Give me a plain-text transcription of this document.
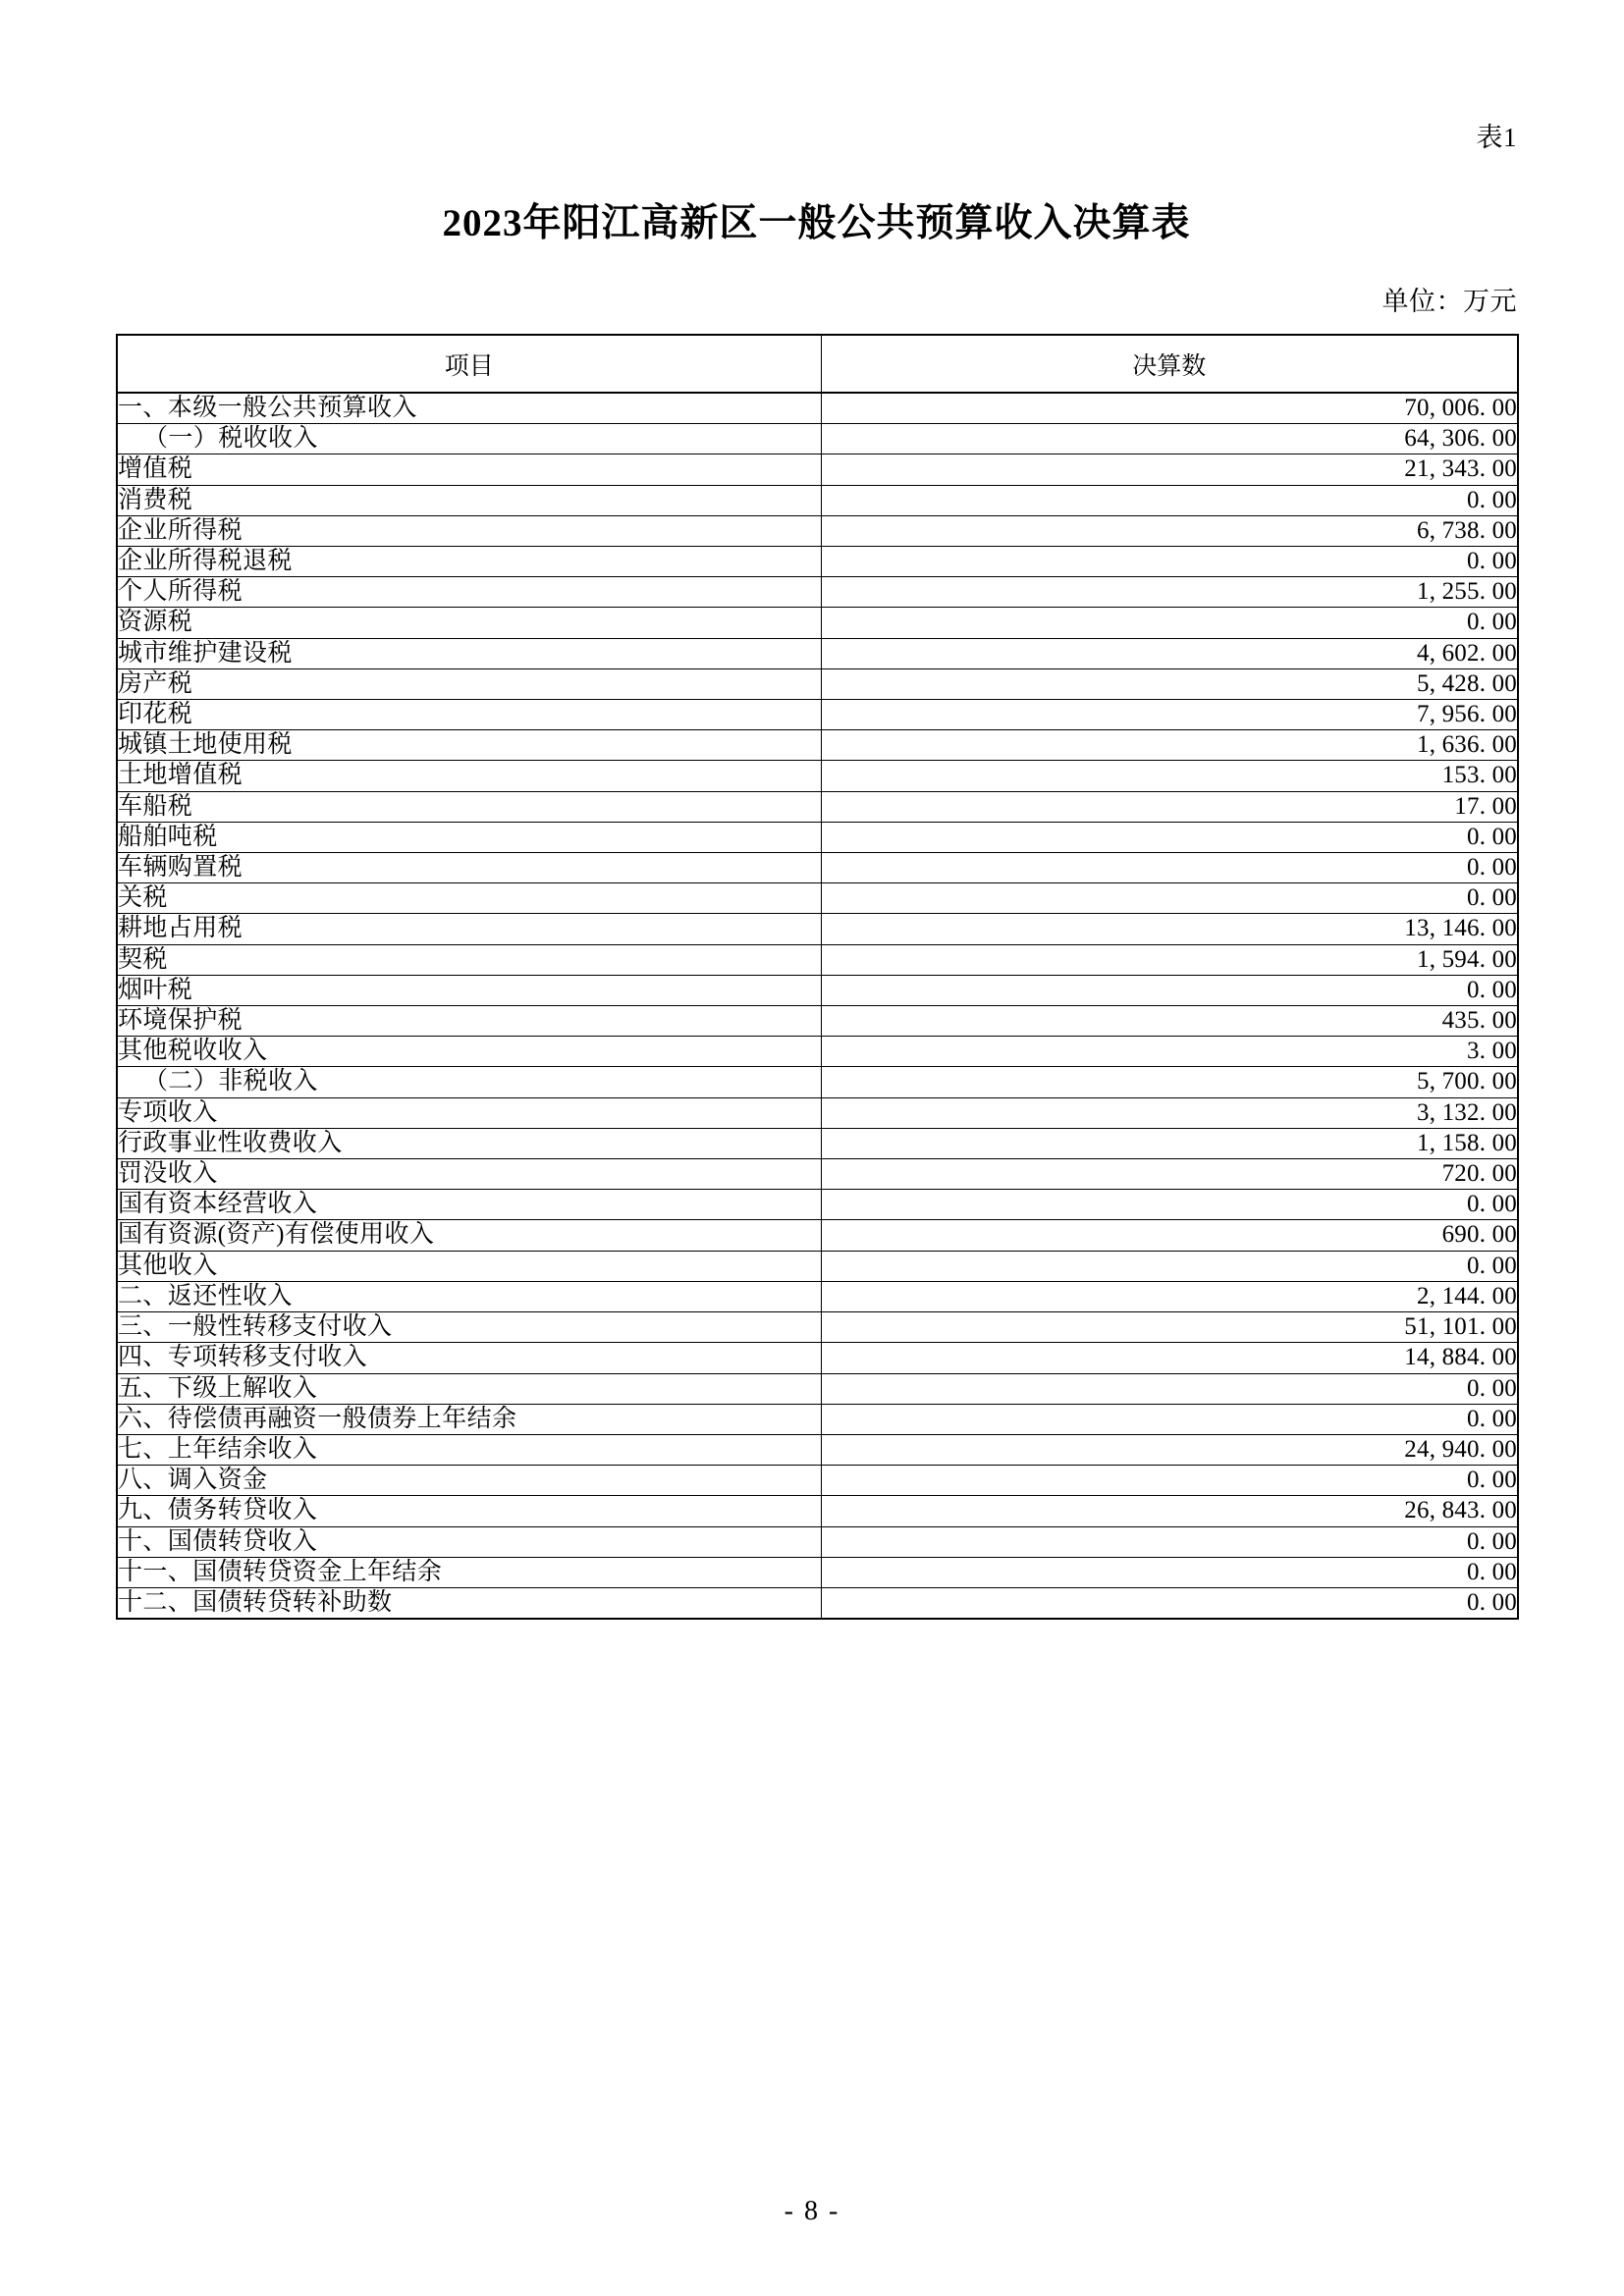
表1
2023年阳江高新区一般公共预算收入决算表
单位：万元
项目	决算数
一、本级一般公共预算收入	70, 006. 00
（一）税收收入	64, 306. 00
增值税	21, 343. 00
消费税	0. 00
企业所得税	6, 738. 00
企业所得税退税	0. 00
个人所得税	1, 255. 00
资源税	0. 00
城市维护建设税	4, 602. 00
房产税	5, 428. 00
印花税	7, 956. 00
城镇土地使用税	1, 636. 00
土地增值税	153. 00
车船税	17. 00
船舶吨税	0. 00
车辆购置税	0. 00
关税	0. 00
耕地占用税	13, 146. 00
契税	1, 594. 00
烟叶税	0. 00
环境保护税	435. 00
其他税收收入	3. 00
（二）非税收入	5, 700. 00
专项收入	3, 132. 00
行政事业性收费收入	1, 158. 00
罚没收入	720. 00
国有资本经营收入	0. 00
国有资源(资产)有偿使用收入	690. 00
其他收入	0. 00
二、返还性收入	2, 144. 00
三、一般性转移支付收入	51, 101. 00
四、专项转移支付收入	14, 884. 00
五、下级上解收入	0. 00
六、待偿债再融资一般债券上年结余	0. 00
七、上年结余收入	24, 940. 00
八、调入资金	0. 00
九、债务转贷收入	26, 843. 00
十、国债转贷收入	0. 00
十一、国债转贷资金上年结余	0. 00
十二、国债转贷转补助数	0. 00
- 8 -
